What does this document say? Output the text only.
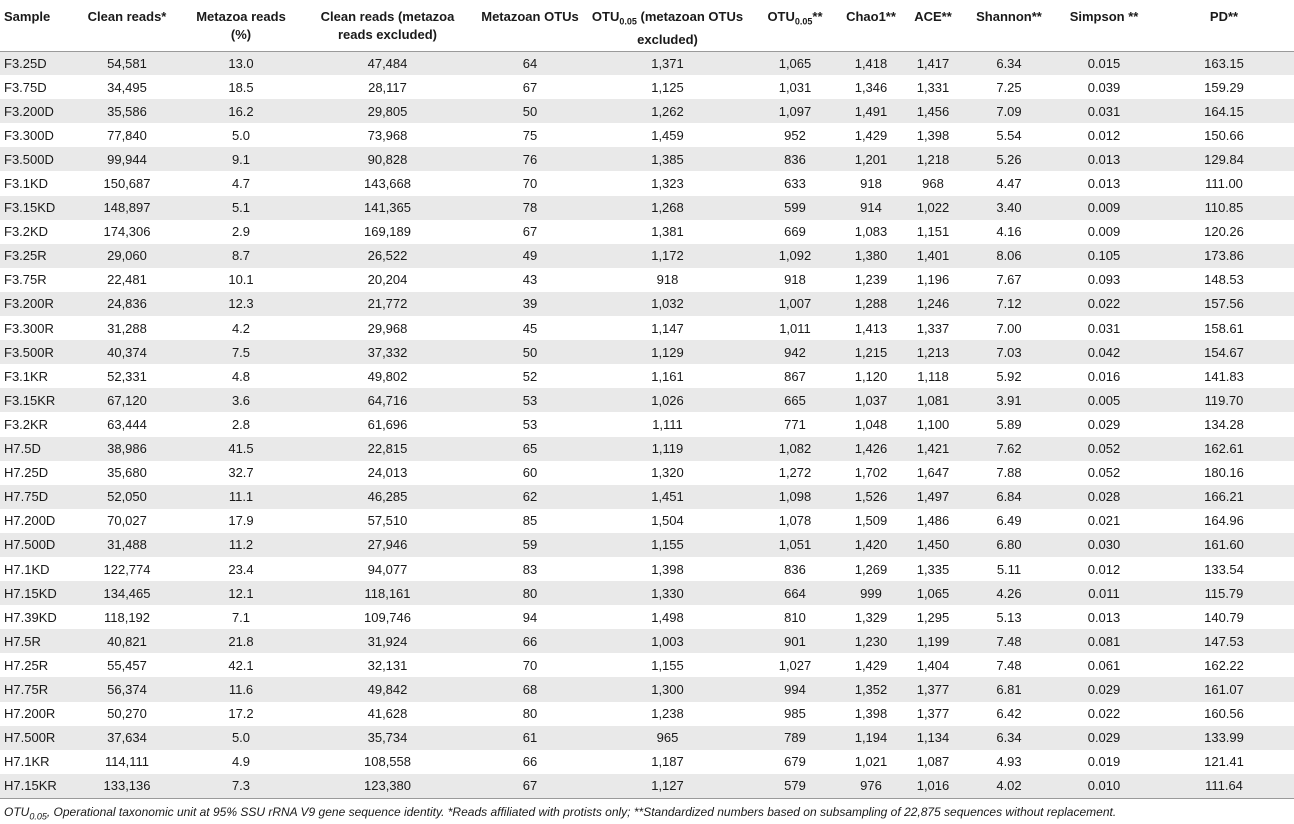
Sample	Clean reads*	Metazoa reads (%)	Clean reads (metazoa reads excluded)	Metazoan OTUs	$OTU_{0.05}$ (metazoan OTUs excluded)	$OTU_{0.05}**$	Chao1**	ACE**	Shannon**	Simpson **	PD**
F3.25D	54,581	13.0	47,484	64	1,371	1,065	1,418	1,417	6.34	0.015	163.15
F3.75D	34,495	18.5	28,117	67	1,125	1,031	1,346	1,331	7.25	0.039	159.29
F3.200D	35,586	16.2	29,805	50	1,262	1,097	1,491	1,456	7.09	0.031	164.15
F3.300D	77,840	5.0	73,968	75	1,459	952	1,429	1,398	5.54	0.012	150.66
F3.500D	99,944	9.1	90,828	76	1,385	836	1,201	1,218	5.26	0.013	129.84
F3.1KD	150,687	4.7	143,668	70	1,323	633	918	968	4.47	0.013	111.00
F3.15KD	148,897	5.1	141,365	78	1,268	599	914	1,022	3.40	0.009	110.85
F3.2KD	174,306	2.9	169,189	67	1,381	669	1,083	1,151	4.16	0.009	120.26
F3.25R	29,060	8.7	26,522	49	1,172	1,092	1,380	1,401	8.06	0.105	173.86
F3.75R	22,481	10.1	20,204	43	918	918	1,239	1,196	7.67	0.093	148.53
F3.200R	24,836	12.3	21,772	39	1,032	1,007	1,288	1,246	7.12	0.022	157.56
F3.300R	31,288	4.2	29,968	45	1,147	1,011	1,413	1,337	7.00	0.031	158.61
F3.500R	40,374	7.5	37,332	50	1,129	942	1,215	1,213	7.03	0.042	154.67
F3.1KR	52,331	4.8	49,802	52	1,161	867	1,120	1,118	5.92	0.016	141.83
F3.15KR	67,120	3.6	64,716	53	1,026	665	1,037	1,081	3.91	0.005	119.70
F3.2KR	63,444	2.8	61,696	53	1,111	771	1,048	1,100	5.89	0.029	134.28
H7.5D	38,986	41.5	22,815	65	1,119	1,082	1,426	1,421	7.62	0.052	162.61
H7.25D	35,680	32.7	24,013	60	1,320	1,272	1,702	1,647	7.88	0.052	180.16
H7.75D	52,050	11.1	46,285	62	1,451	1,098	1,526	1,497	6.84	0.028	166.21
H7.200D	70,027	17.9	57,510	85	1,504	1,078	1,509	1,486	6.49	0.021	164.96
H7.500D	31,488	11.2	27,946	59	1,155	1,051	1,420	1,450	6.80	0.030	161.60
H7.1KD	122,774	23.4	94,077	83	1,398	836	1,269	1,335	5.11	0.012	133.54
H7.15KD	134,465	12.1	118,161	80	1,330	664	999	1,065	4.26	0.011	115.79
H7.39KD	118,192	7.1	109,746	94	1,498	810	1,329	1,295	5.13	0.013	140.79
H7.5R	40,821	21.8	31,924	66	1,003	901	1,230	1,199	7.48	0.081	147.53
H7.25R	55,457	42.1	32,131	70	1,155	1,027	1,429	1,404	7.48	0.061	162.22
H7.75R	56,374	11.6	49,842	68	1,300	994	1,352	1,377	6.81	0.029	161.07
H7.200R	50,270	17.2	41,628	80	1,238	985	1,398	1,377	6.42	0.022	160.56
H7.500R	37,634	5.0	35,734	61	965	789	1,194	1,134	6.34	0.029	133.99
H7.1KR	114,111	4.9	108,558	66	1,187	679	1,021	1,087	4.93	0.019	121.41
H7.15KR	133,136	7.3	123,380	67	1,127	579	976	1,016	4.02	0.010	111.64
$OTU_{0.05}$, Operational taxonomic unit at 95% SSU rRNA V9 gene sequence identity. *Reads affiliated with protists only; **Standardized numbers based on subsampling of 22,875 sequences without replacement.
